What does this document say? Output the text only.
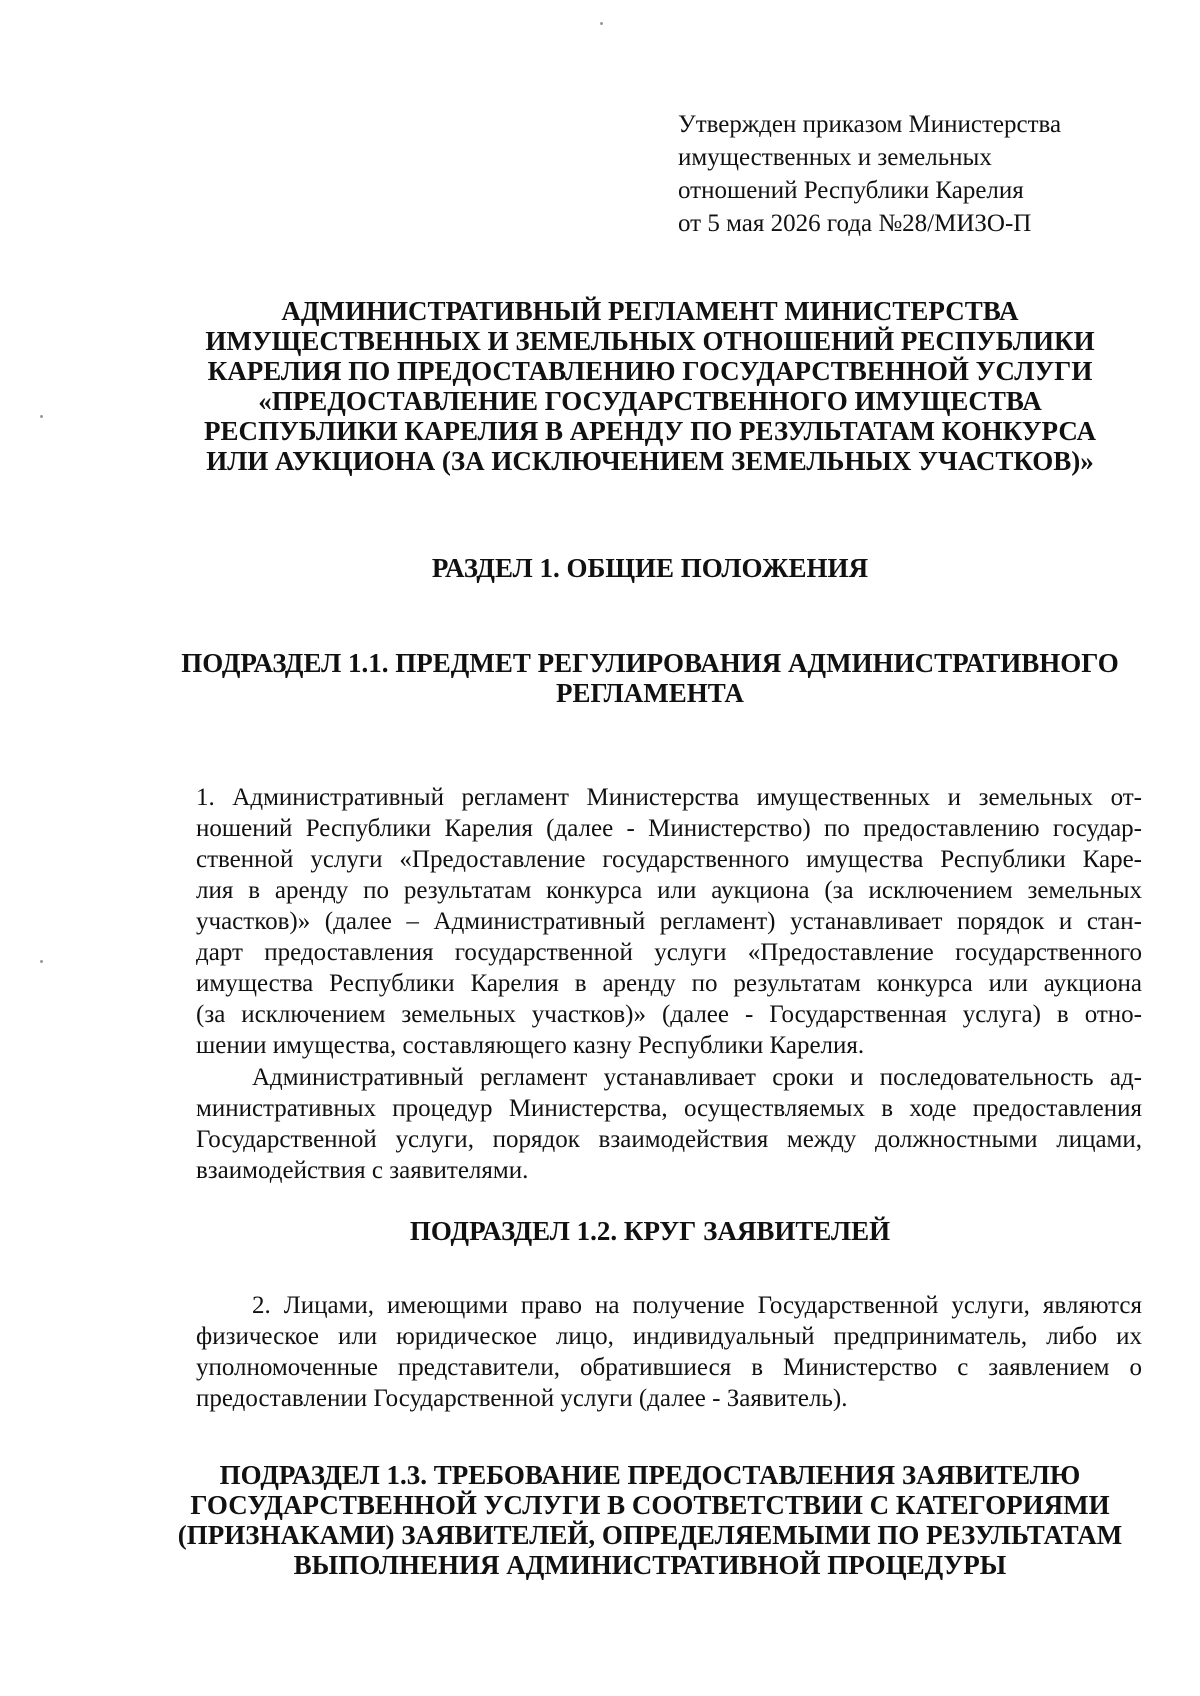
Утвержден приказом Министерства
имущественных и земельных
отношений Республики Карелия
от 5 мая 2026 года №28/МИЗО-П
АДМИНИСТРАТИВНЫЙ РЕГЛАМЕНТ МИНИСТЕРСТВА
ИМУЩЕСТВЕННЫХ И ЗЕМЕЛЬНЫХ ОТНОШЕНИЙ РЕСПУБЛИКИ
КАРЕЛИЯ ПО ПРЕДОСТАВЛЕНИЮ ГОСУДАРСТВЕННОЙ УСЛУГИ
«ПРЕДОСТАВЛЕНИЕ ГОСУДАРСТВЕННОГО ИМУЩЕСТВА
РЕСПУБЛИКИ КАРЕЛИЯ В АРЕНДУ ПО РЕЗУЛЬТАТАМ КОНКУРСА
ИЛИ АУКЦИОНА (ЗА ИСКЛЮЧЕНИЕМ ЗЕМЕЛЬНЫХ УЧАСТКОВ)»
РАЗДЕЛ 1. ОБЩИЕ ПОЛОЖЕНИЯ
ПОДРАЗДЕЛ 1.1. ПРЕДМЕТ РЕГУЛИРОВАНИЯ АДМИНИСТРАТИВНОГО
РЕГЛАМЕНТА
1. Административный регламент Министерства имущественных и земельных от-
ношений Республики Карелия (далее - Министерство) по предоставлению государ-
ственной услуги «Предоставление государственного имущества Республики Каре-
лия в аренду по результатам конкурса или аукциона (за исключением земельных
участков)» (далее – Административный регламент) устанавливает порядок и стан-
дарт предоставления государственной услуги «Предоставление государственного
имущества Республики Карелия в аренду по результатам конкурса или аукциона
(за исключением земельных участков)» (далее - Государственная услуга) в отно-
шении имущества, составляющего казну Республики Карелия.
Административный регламент устанавливает сроки и последовательность ад-
министративных процедур Министерства, осуществляемых в ходе предоставления
Государственной услуги, порядок взаимодействия между должностными лицами,
взаимодействия с заявителями.
ПОДРАЗДЕЛ 1.2. КРУГ ЗАЯВИТЕЛЕЙ
2. Лицами, имеющими право на получение Государственной услуги, являются
физическое или юридическое лицо, индивидуальный предприниматель, либо их
уполномоченные представители, обратившиеся в Министерство с заявлением о
предоставлении Государственной услуги (далее - Заявитель).
ПОДРАЗДЕЛ 1.3. ТРЕБОВАНИЕ ПРЕДОСТАВЛЕНИЯ ЗАЯВИТЕЛЮ
ГОСУДАРСТВЕННОЙ УСЛУГИ В СООТВЕТСТВИИ С КАТЕГОРИЯМИ
(ПРИЗНАКАМИ) ЗАЯВИТЕЛЕЙ, ОПРЕДЕЛЯЕМЫМИ ПО РЕЗУЛЬТАТАМ
ВЫПОЛНЕНИЯ АДМИНИСТРАТИВНОЙ ПРОЦЕДУРЫ
